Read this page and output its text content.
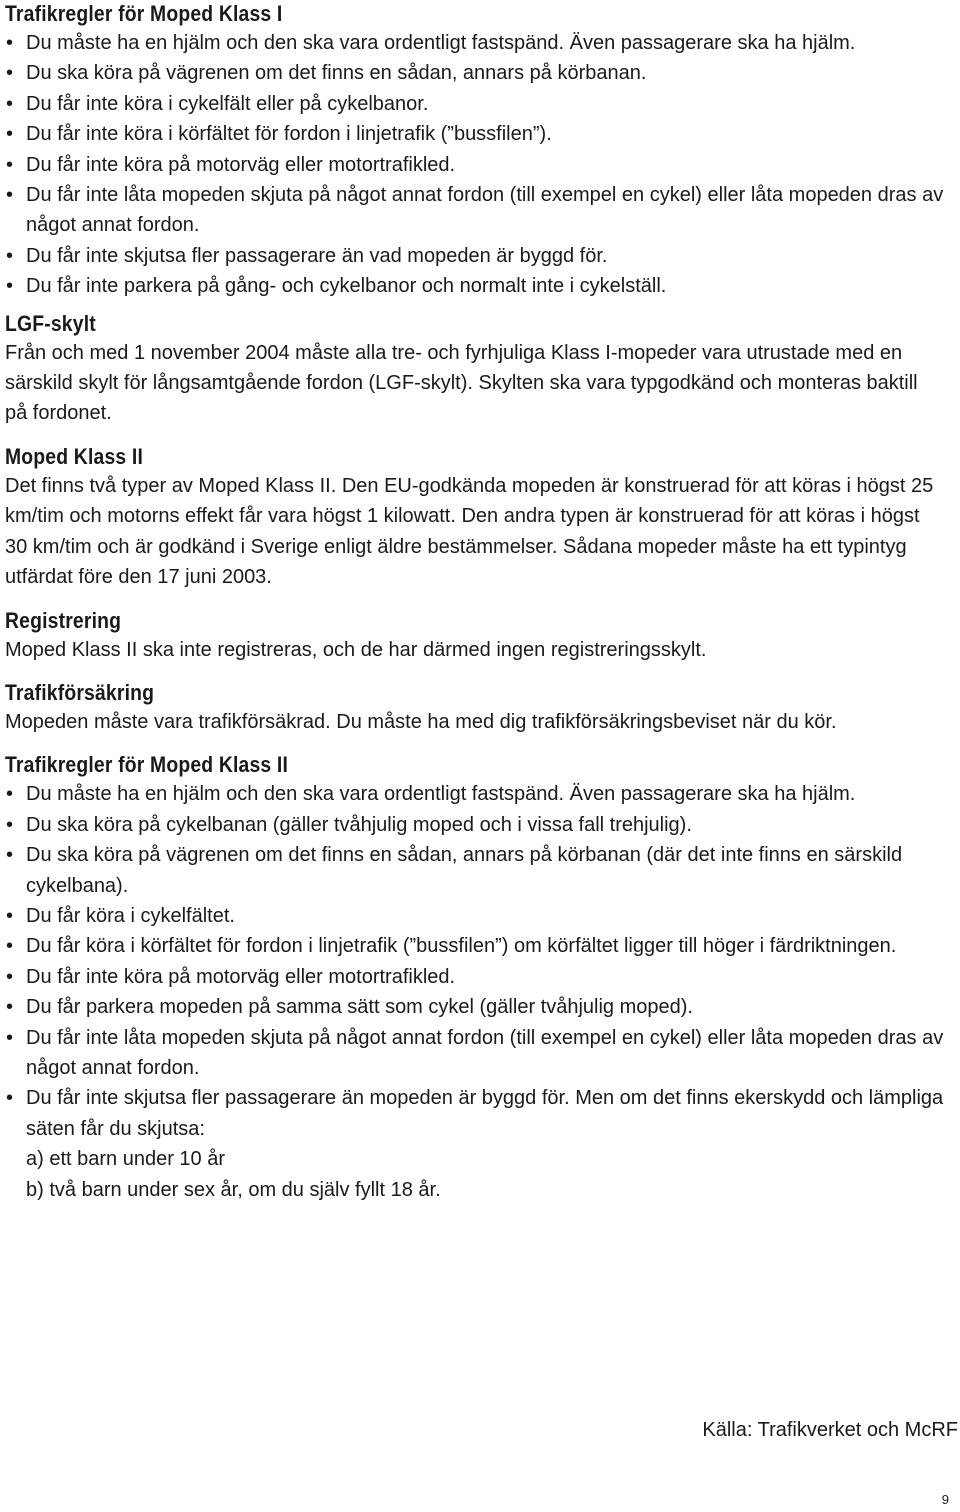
Trafikregler för Moped Klass I
• Du måste ha en hjälm och den ska vara ordentligt fastspänd. Även passagerare ska ha hjälm.
• Du ska köra på vägrenen om det finns en sådan, annars på körbanan.
• Du får inte köra i cykelfält eller på cykelbanor.
• Du får inte köra i körfältet för fordon i linjetrafik (”bussfilen”).
• Du får inte köra på motorväg eller motortrafikled.
• Du får inte låta mopeden skjuta på något annat fordon (till exempel en cykel) eller låta mopeden dras av något annat fordon.
• Du får inte skjutsa fler passagerare än vad mopeden är byggd för.
• Du får inte parkera på gång- och cykelbanor och normalt inte i cykelställ.
LGF-skylt

Från och med 1 november 2004 måste alla tre- och fyrhjuliga Klass I-mopeder vara utrustade med en särskild skylt för långsamtgående fordon (LGF-skylt). Skylten ska vara typgodkänd och monteras baktill på fordonet.

Moped Klass II

Det finns två typer av Moped Klass II. Den EU-godkända mopeden är konstruerad för att köras i högst 25 km/tim och motorns effekt får vara högst 1 kilowatt. Den andra typen är konstruerad för att köras i högst 30 km/tim och är godkänd i Sverige enligt äldre bestämmelser. Sådana mopeder måste ha ett typintyg utfärdat före den 17 juni 2003.

Registrering

Moped Klass II ska inte registreras, och de har därmed ingen registreringsskylt.

Trafikförsäkring

Mopeden måste vara trafikförsäkrad. Du måste ha med dig trafikförsäkringsbeviset när du kör.

Trafikregler för Moped Klass II
• Du måste ha en hjälm och den ska vara ordentligt fastspänd. Även passagerare ska ha hjälm.
• Du ska köra på cykelbanan (gäller tvåhjulig moped och i vissa fall trehjulig).
• Du ska köra på vägrenen om det finns en sådan, annars på körbanan (där det inte finns en särskild cykelbana).
• Du får köra i cykelfältet.
• Du får köra i körfältet för fordon i linjetrafik (”bussfilen”) om körfältet ligger till höger i färdriktningen.
• Du får inte köra på motorväg eller motortrafikled.
• Du får parkera mopeden på samma sätt som cykel (gäller tvåhjulig moped).
• Du får inte låta mopeden skjuta på något annat fordon (till exempel en cykel) eller låta mopeden dras av något annat fordon.
• Du får inte skjutsa fler passagerare än mopeden är byggd för. Men om det finns ekerskydd och lämpliga säten får du skjutsa:
a) ett barn under 10 år
b) två barn under sex år, om du själv fyllt 18 år.
Källa: Trafikverket och McRF
9
